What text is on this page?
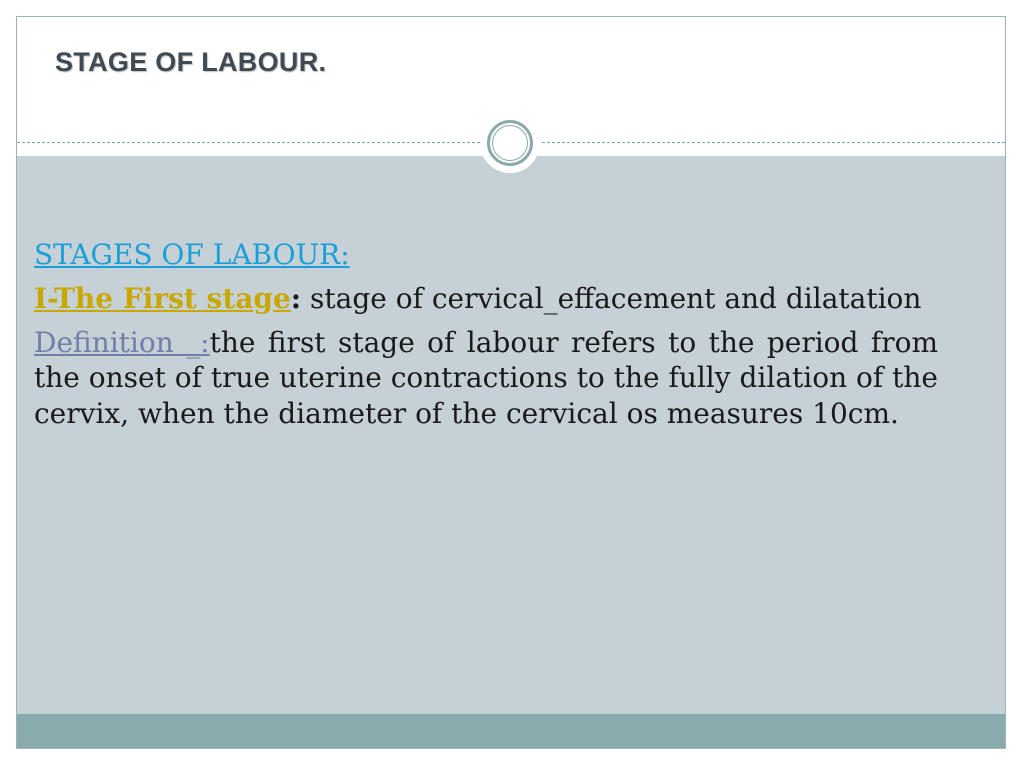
STAGE OF LABOUR.

STAGES OF LABOUR:

I-The First stage: stage of cervical_effacement and dilatation

Definition _:the first stage of labour refers to the period from the onset of true uterine contractions to the fully dilation of the cervix, when the diameter of the cervical os measures 10cm.
